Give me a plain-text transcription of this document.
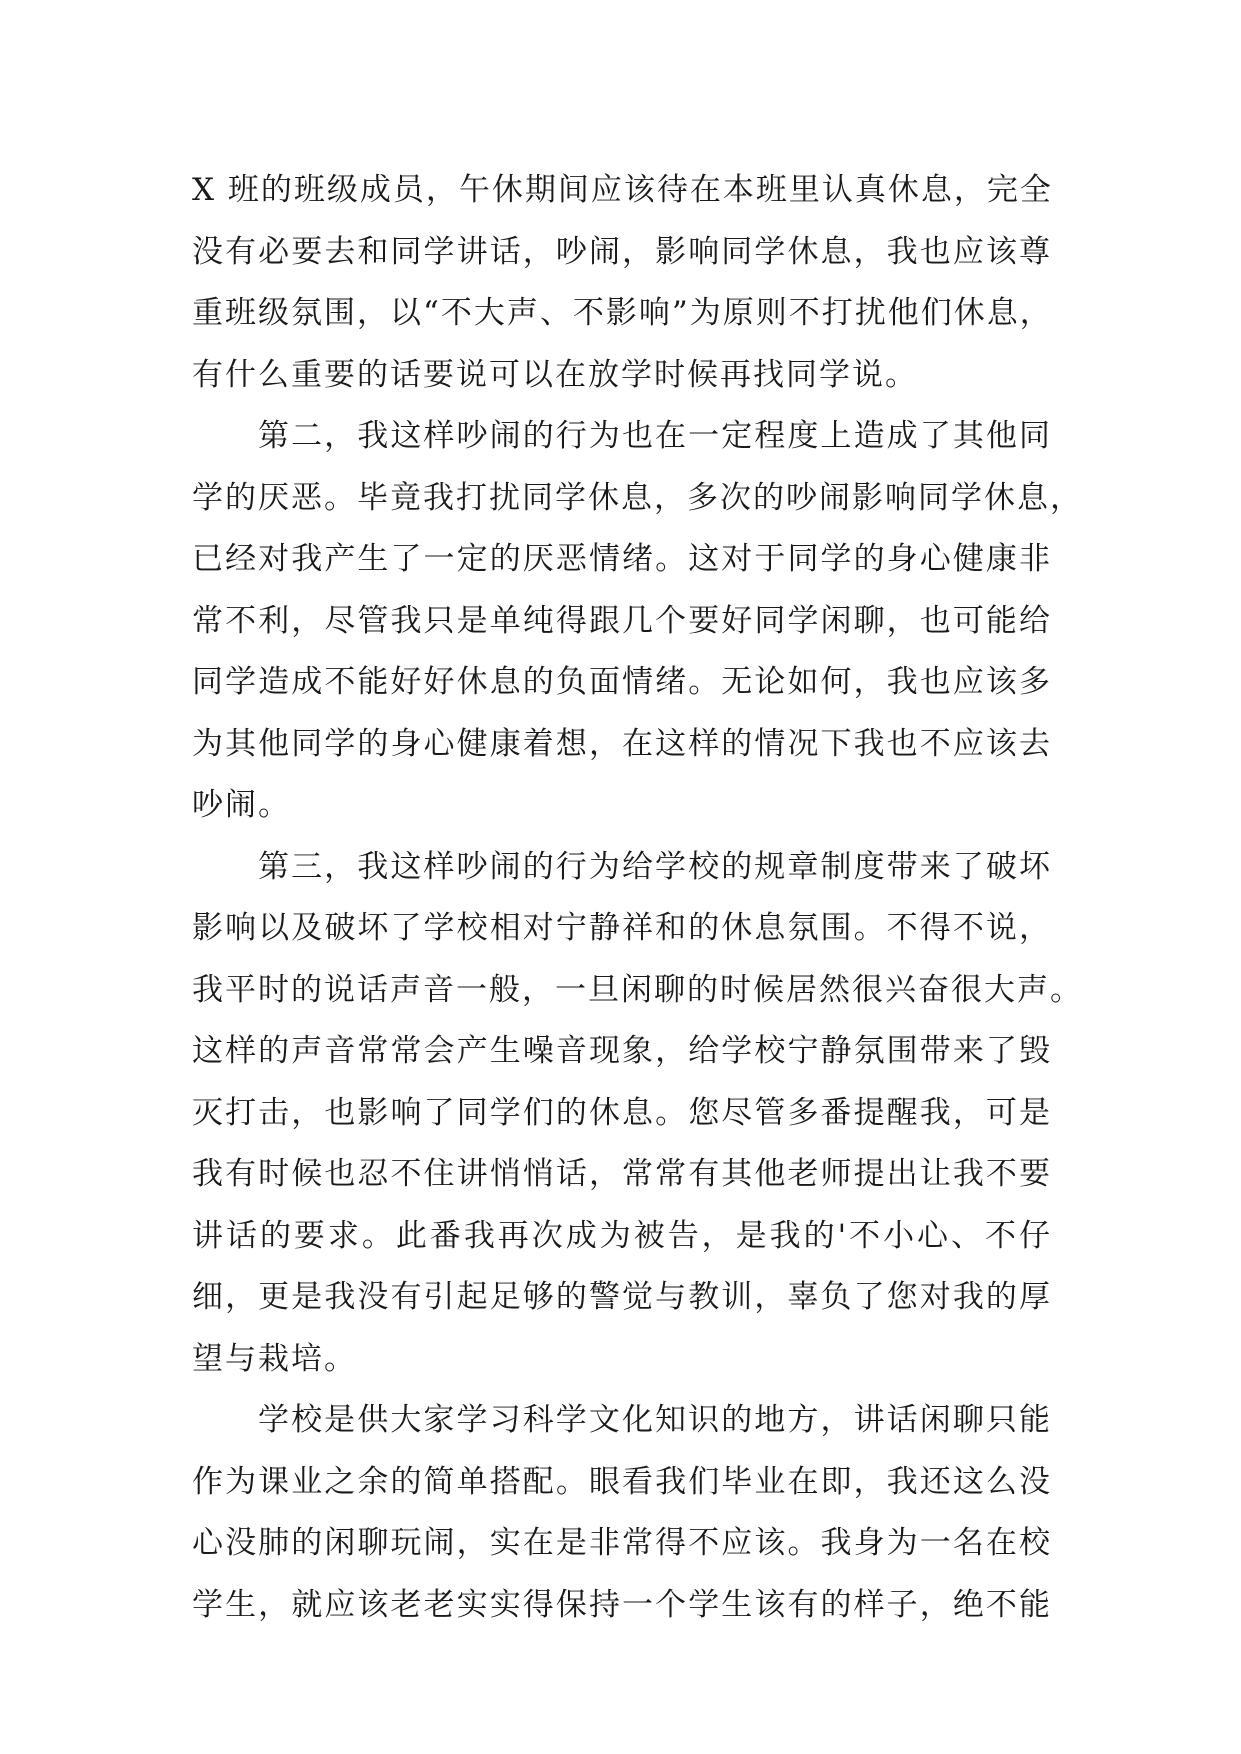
X 班的班级成员，午休期间应该待在本班里认真休息，完全
没有必要去和同学讲话，吵闹，影响同学休息，我也应该尊
重班级氛围，以“不大声、不影响”为原则不打扰他们休息，
有什么重要的话要说可以在放学时候再找同学说。
第二，我这样吵闹的行为也在一定程度上造成了其他同
学的厌恶。毕竟我打扰同学休息，多次的吵闹影响同学休息，
已经对我产生了一定的厌恶情绪。这对于同学的身心健康非
常不利，尽管我只是单纯得跟几个要好同学闲聊，也可能给
同学造成不能好好休息的负面情绪。无论如何，我也应该多
为其他同学的身心健康着想，在这样的情况下我也不应该去
吵闹。
第三，我这样吵闹的行为给学校的规章制度带来了破坏
影响以及破坏了学校相对宁静祥和的休息氛围。不得不说，
我平时的说话声音一般，一旦闲聊的时候居然很兴奋很大声。
这样的声音常常会产生噪音现象，给学校宁静氛围带来了毁
灭打击，也影响了同学们的休息。您尽管多番提醒我，可是
我有时候也忍不住讲悄悄话，常常有其他老师提出让我不要
讲话的要求。此番我再次成为被告，是我的'不小心、不仔
细，更是我没有引起足够的警觉与教训，辜负了您对我的厚
望与栽培。
学校是供大家学习科学文化知识的地方，讲话闲聊只能
作为课业之余的简单搭配。眼看我们毕业在即，我还这么没
心没肺的闲聊玩闹，实在是非常得不应该。我身为一名在校
学生，就应该老老实实得保持一个学生该有的样子，绝不能
